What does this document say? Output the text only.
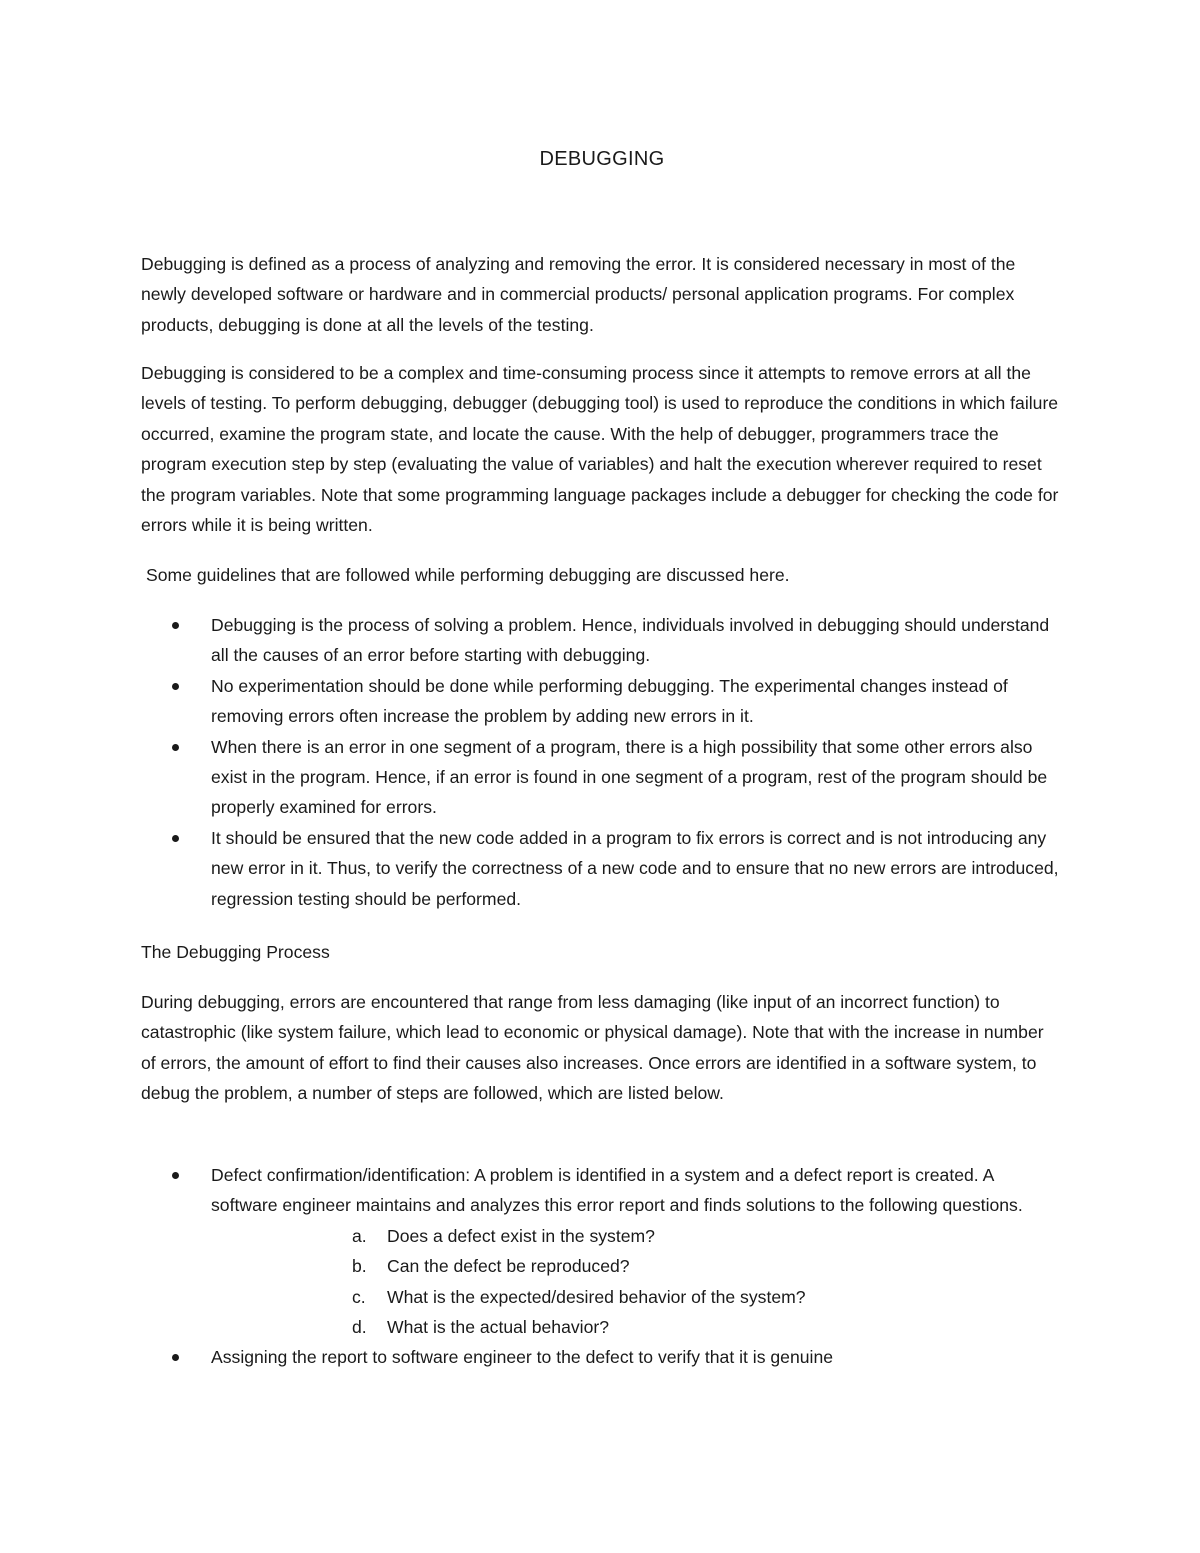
DEBUGGING

Debugging is defined as a process of analyzing and removing the error. It is considered necessary in most of the newly developed software or hardware and in commercial products/ personal application programs. For complex products, debugging is done at all the levels of the testing.

Debugging is considered to be a complex and time-consuming process since it attempts to remove errors at all the levels of testing. To perform debugging, debugger (debugging tool) is used to reproduce the conditions in which failure occurred, examine the program state, and locate the cause. With the help of debugger, programmers trace the program execution step by step (evaluating the value of variables) and halt the execution wherever required to reset the program variables. Note that some programming language packages include a debugger for checking the code for errors while it is being written.

Some guidelines that are followed while performing debugging are discussed here.

Debugging is the process of solving a problem. Hence, individuals involved in debugging should understand all the causes of an error before starting with debugging.
No experimentation should be done while performing debugging. The experimental changes instead of removing errors often increase the problem by adding new errors in it.
When there is an error in one segment of a program, there is a high possibility that some other errors also exist in the program. Hence, if an error is found in one segment of a program, rest of the program should be properly examined for errors.
It should be ensured that the new code added in a program to fix errors is correct and is not introducing any new error in it. Thus, to verify the correctness of a new code and to ensure that no new errors are introduced, regression testing should be performed.

The Debugging Process

During debugging, errors are encountered that range from less damaging (like input of an incorrect function) to catastrophic (like system failure, which lead to economic or physical damage). Note that with the increase in number of errors, the amount of effort to find their causes also increases. Once errors are identified in a software system, to debug the problem, a number of steps are followed, which are listed below.

Defect confirmation/identification: A problem is identified in a system and a defect report is created. A software engineer maintains and analyzes this error report and finds solutions to the following questions.
a. Does a defect exist in the system?
b. Can the defect be reproduced?
c. What is the expected/desired behavior of the system?
d. What is the actual behavior?
Assigning the report to software engineer to the defect to verify that it is genuine
